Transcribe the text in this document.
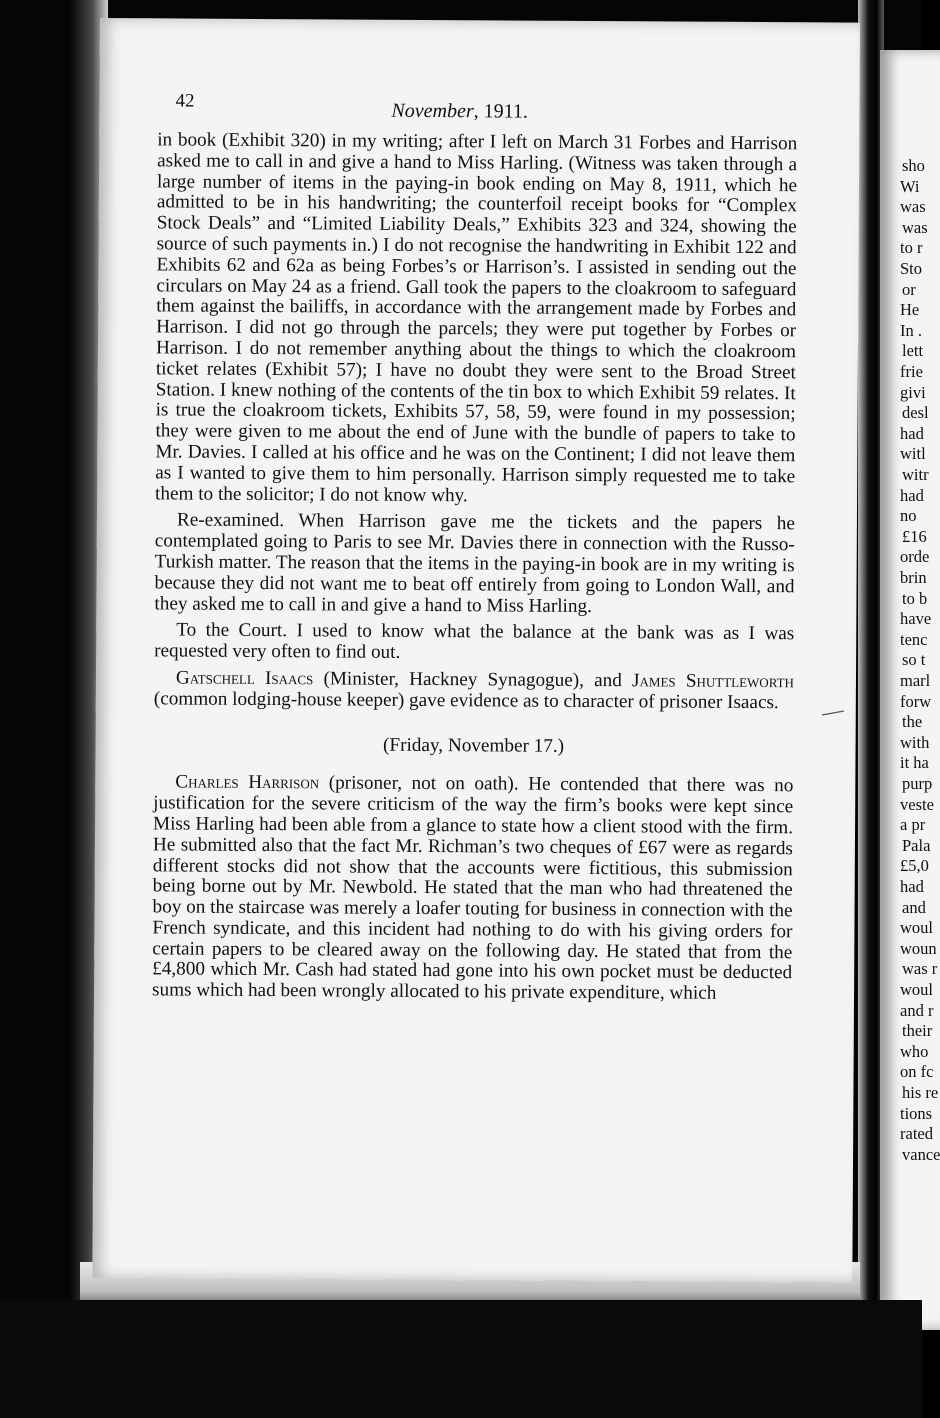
42	November, 1911.

in book (Exhibit 320) in my writing; after I left on March 31 Forbes and Harrison asked me to call in and give a hand to Miss Harling. (Witness was taken through a large number of items in the paying-in book ending on May 8, 1911, which he admitted to be in his handwriting; the counterfoil receipt books for “Complex Stock Deals” and “Limited Liability Deals,” Exhibits 323 and 324, showing the source of such payments in.) I do not recognise the handwriting in Exhibit 122 and Exhibits 62 and 62a as being Forbes’s or Harrison’s. I assisted in sending out the circulars on May 24 as a friend. Gall took the papers to the cloakroom to safeguard them against the bailiffs, in accordance with the arrangement made by Forbes and Harrison. I did not go through the parcels; they were put together by Forbes or Harrison. I do not remember anything about the things to which the cloakroom ticket relates (Exhibit 57); I have no doubt they were sent to the Broad Street Station. I knew nothing of the contents of the tin box to which Exhibit 59 relates. It is true the cloakroom tickets, Exhibits 57, 58, 59, were found in my possession; they were given to me about the end of June with the bundle of papers to take to Mr. Davies. I called at his office and he was on the Continent; I did not leave them as I wanted to give them to him personally. Harrison simply requested me to take them to the solicitor; I do not know why.

Re-examined. When Harrison gave me the tickets and the papers he contemplated going to Paris to see Mr. Davies there in connection with the Russo-Turkish matter. The reason that the items in the paying-in book are in my writing is because they did not want me to beat off entirely from going to London Wall, and they asked me to call in and give a hand to Miss Harling.

To the Court. I used to know what the balance at the bank was as I was requested very often to find out.

Gatschell Isaacs (Minister, Hackney Synagogue), and James Shuttleworth (common lodging-house keeper) gave evidence as to character of prisoner Isaacs.

(Friday, November 17.)

Charles Harrison (prisoner, not on oath). He contended that there was no justification for the severe criticism of the way the firm’s books were kept since Miss Harling had been able from a glance to state how a client stood with the firm. He submitted also that the fact Mr. Richman’s two cheques of £67 were as regards different stocks did not show that the accounts were fictitious, this submission being borne out by Mr. Newbold. He stated that the man who had threatened the boy on the staircase was merely a loafer touting for business in connection with the French syndicate, and this incident had nothing to do with his giving orders for certain papers to be cleared away on the following day. He stated that from the £4,800 which Mr. Cash had stated had gone into his own pocket must be deducted sums which had been wrongly allocated to his private expenditure, which

sho
Wi
was
was
to r
Sto
or
He
In .
lett
frie
givi
desl
had
witl
witr
had
no
£16
orde
brin
to b
have
tenc
so t
marl
forw
the
with
it ha
purp
veste
a pr
Pala
£5,0
had
and
woul
woun
was r
woul
and r
their
who
on fc
his re
tions
rated
vance
